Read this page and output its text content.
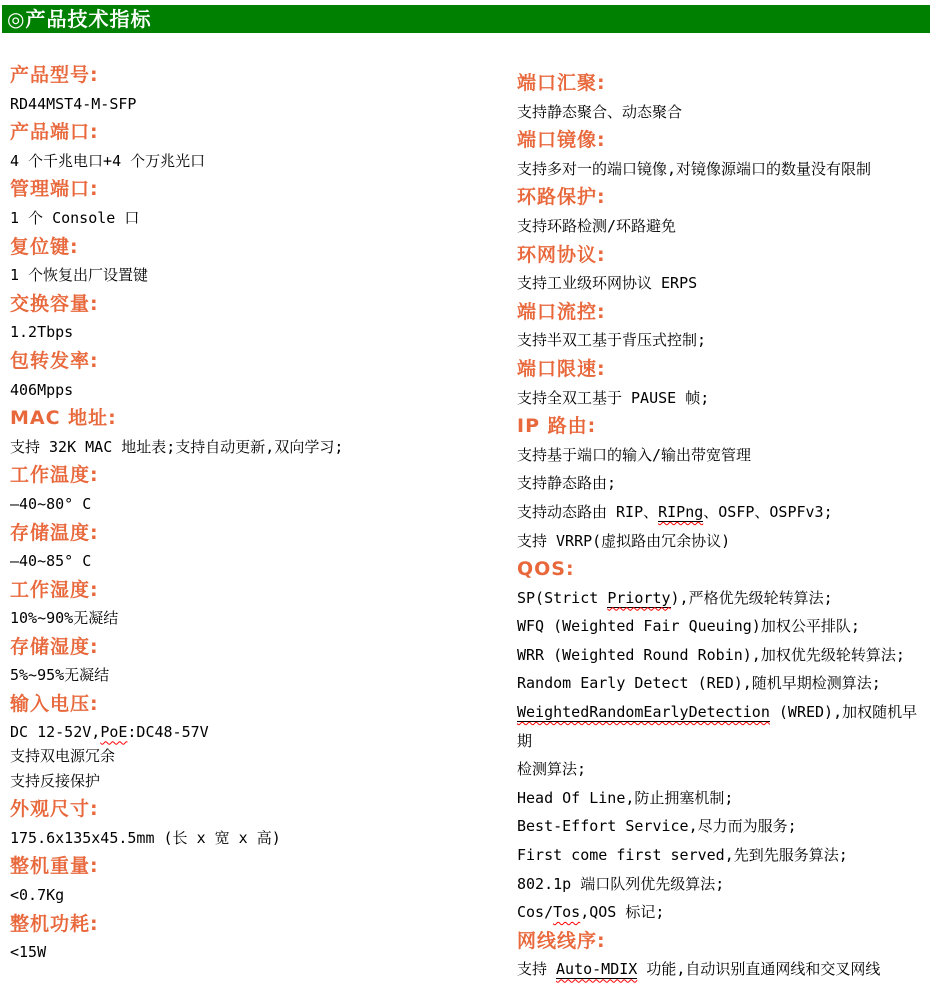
◎产品技术指标
产品型号:

RD44MST4-M-SFP

产品端口:

4 个千兆电口+4 个万兆光口

管理端口:

1 个 Console 口

复位键:

1 个恢复出厂设置键

交换容量:

1.2Tbps

包转发率:

406Mpps

MAC 地址:

支持 32K MAC 地址表;支持自动更新,双向学习;

工作温度:

—40~80° C

存储温度:

—40~85° C

工作湿度:

10%~90%无凝结

存储湿度:

5%~95%无凝结

输入电压:

DC 12-52V,PoE:DC48-57V

支持双电源冗余

支持反接保护

外观尺寸:

175.6x135x45.5mm (长 x 宽 x 高)

整机重量:

<0.7Kg

整机功耗:

<15W

端口汇聚:

支持静态聚合、动态聚合

端口镜像:

支持多对一的端口镜像,对镜像源端口的数量没有限制

环路保护:

支持环路检测/环路避免

环网协议:

支持工业级环网协议 ERPS

端口流控:

支持半双工基于背压式控制;

端口限速:

支持全双工基于 PAUSE 帧;

IP 路由:

支持基于端口的输入/输出带宽管理

支持静态路由;

支持动态路由 RIP、RIPng、OSFP、OSPFv3;

支持 VRRP(虚拟路由冗余协议)

QOS:

SP(Strict Priorty),严格优先级轮转算法;

WFQ (Weighted Fair Queuing)加权公平排队;

WRR (Weighted Round Robin),加权优先级轮转算法;

Random Early Detect (RED),随机早期检测算法;

WeightedRandomEarlyDetection (WRED),加权随机早期

检测算法;

Head Of Line,防止拥塞机制;

Best-Effort Service,尽力而为服务;

First come first served,先到先服务算法;

802.1p 端口队列优先级算法;

Cos/Tos,QOS 标记;

网线线序:

支持 Auto-MDIX 功能,自动识别直通网线和交叉网线
